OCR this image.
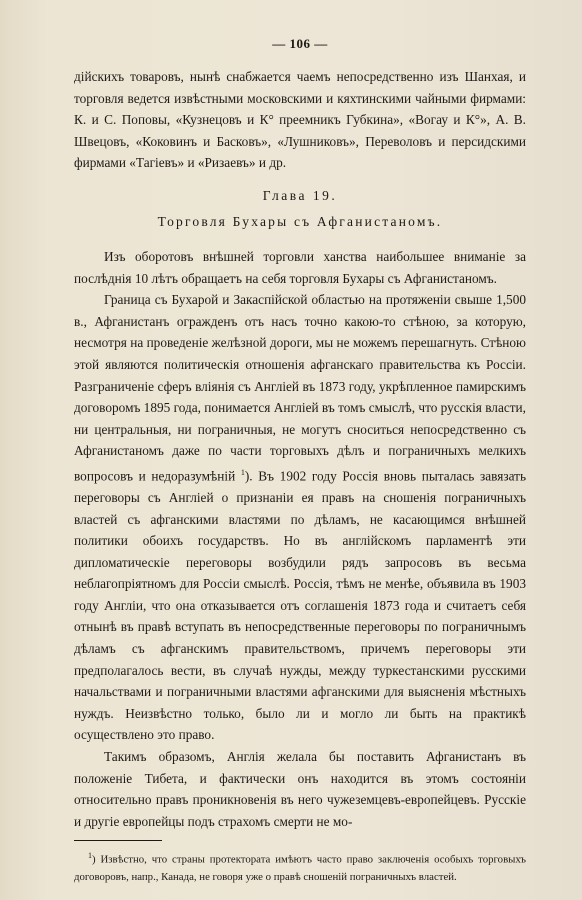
— 106 —

дійскихъ товаровъ, нынѣ снабжается чаемъ непосредственно изъ Шанхая, и торговля ведется извѣстными московскими и кяхтинскими чайными фирмами: К. и С. Поповы, «Кузнецовъ и К° преемникъ Губкина», «Вогау и К°», А. В. Швецовъ, «Коковинъ и Басковъ», «Лушниковъ», Переволовъ и персидскими фирмами «Тагіевъ» и «Ризаевъ» и др.

Глава 19.
Торговля Бухары съ Афганистаномъ.

Изъ оборотовъ внѣшней торговли ханства наибольшее вниманіе за послѣднія 10 лѣтъ обращаетъ на себя торговля Бухары съ Афганистаномъ.

Граница съ Бухарой и Закаспійской областью на протяженіи свыше 1,500 в., Афганистанъ огражденъ отъ насъ точно какою-то стѣною, за которую, несмотря на проведеніе желѣзной дороги, мы не можемъ перешагнуть. Стѣною этой являются политическія отношенія афганскаго правительства къ Россіи. Разграниченіе сферъ вліянія съ Англіей въ 1873 году, укрѣпленное памирскимъ договоромъ 1895 года, понимается Англіей въ томъ смыслѣ, что русскія власти, ни центральныя, ни пограничныя, не могутъ сноситься непосредственно съ Афганистаномъ даже по части торговыхъ дѣлъ и пограничныхъ мелкихъ вопросовъ и недоразумѣній $^1$). Въ 1902 году Россія вновь пыталась завязать переговоры съ Англіей о признаніи ея правъ на сношенія пограничныхъ властей съ афганскими властями по дѣламъ, не касающимся внѣшней политики обоихъ государствъ. Но въ англійскомъ парламентѣ эти дипломатическіе переговоры возбудили рядъ запросовъ въ весьма неблагопріятномъ для Россіи смыслѣ. Россія, тѣмъ не менѣе, объявила въ 1903 году Англіи, что она отказывается отъ соглашенія 1873 года и считаетъ себя отнынѣ въ правѣ вступать въ непосредственные переговоры по пограничнымъ дѣламъ съ афганскимъ правительствомъ, причемъ переговоры эти предполагалось вести, въ случаѣ нужды, между туркестанскими русскими начальствами и пограничными властями афганскими для выясненія мѣстныхъ нуждъ. Неизвѣстно только, было ли и могло ли быть на практикѣ осуществлено это право.

Такимъ образомъ, Англія желала бы поставить Афганистанъ въ положеніе Тибета, и фактически онъ находится въ этомъ состояніи относительно правъ проникновенія въ него чужеземцевъ-европейцевъ. Русскіе и другіе европейцы подъ страхомъ смерти не мо-

$^1$) Извѣстно, что страны протектората имѣютъ часто право заключенія особыхъ торговыхъ договоровъ, напр., Канада, не говоря уже о правѣ сношеній пограничныхъ властей.
